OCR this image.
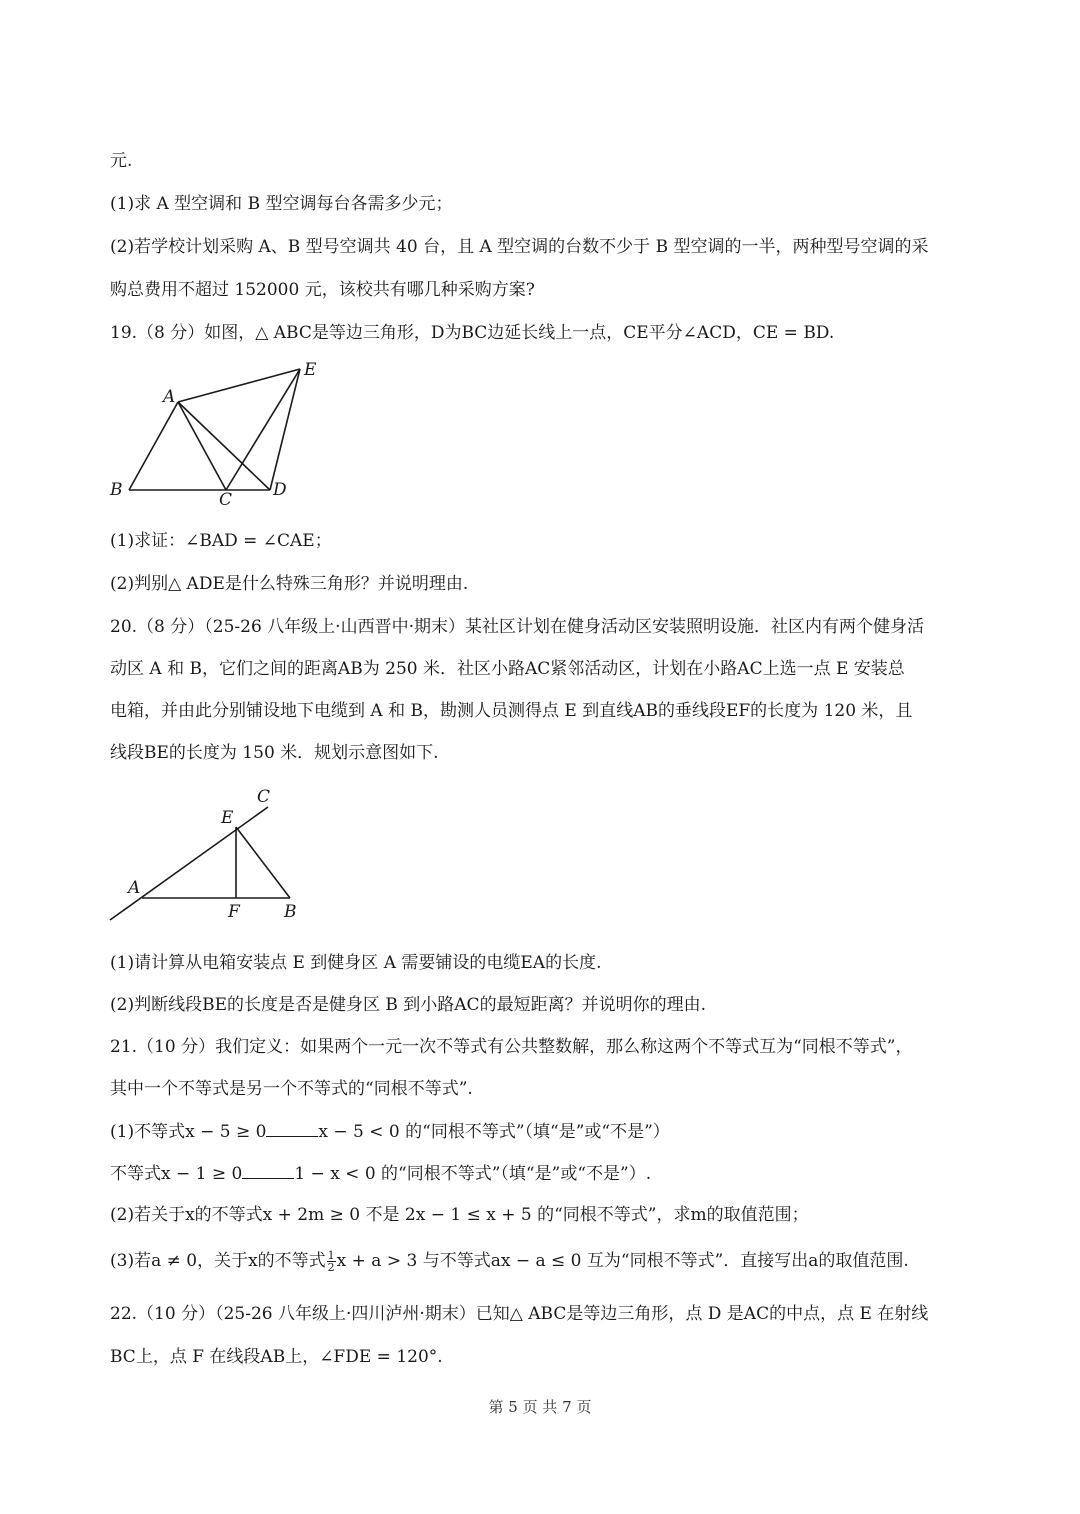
元.
(1)求 A 型空调和 B 型空调每台各需多少元；
(2)若学校计划采购 A、B 型号空调共 40 台，且 A 型空调的台数不少于 B 型空调的一半，两种型号空调的采
购总费用不超过 152000 元，该校共有哪几种采购方案?
19.（8 分）如图，△ ABC是等边三角形，D为BC边延长线上一点，CE平分∠ACD，CE = BD.
A
B	C D
E
(1)求证：∠BAD = ∠CAE；
(2)判别△ ADE是什么特殊三角形？并说明理由.
20.（8 分）（25-26 八年级上·山西晋中·期末）某社区计划在健身活动区安装照明设施．社区内有两个健身活
动区 A 和 B，它们之间的距离AB为 250 米．社区小路AC紧邻活动区，计划在小路AC上选一点 E 安装总
电箱，并由此分别铺设地下电缆到 A 和 B，勘测人员测得点 E 到直线AB的垂线段EF的长度为 120 米，且
线段BE的长度为 150 米．规划示意图如下.
A
B
C
E
F
(1)请计算从电箱安装点 E 到健身区 A 需要铺设的电缆EA的长度.
(2)判断线段BE的长度是否是健身区 B 到小路AC的最短距离？并说明你的理由.
21.（10 分）我们定义：如果两个一元一次不等式有公共整数解，那么称这两个不等式互为“同根不等式”，
其中一个不等式是另一个不等式的“同根不等式”.
(1)不等式x − 5 ≥ 0	x − 5 < 0 的“同根不等式”（填“是”或“不是”）
不等式x − 1 ≥ 0	1 − x < 0 的“同根不等式”（填“是”或“不是”）.
(2)若关于x的不等式x + 2m ≥ 0 不是 2x − 1 ≤ x + 5 的“同根不等式”，求m的取值范围；
(3)若a ≠ 0，关于x的不等式 $\frac{1}{2}$ x + a > 3 与不等式ax − a ≤ 0 互为“同根不等式”．直接写出a的取值范围.
22.（10 分）（25-26 八年级上·四川泸州·期末）已知△ ABC是等边三角形，点 D 是AC的中点，点 E 在射线
BC上，点 F 在线段AB上，∠FDE = 120°.
第 5 页 共 7 页
